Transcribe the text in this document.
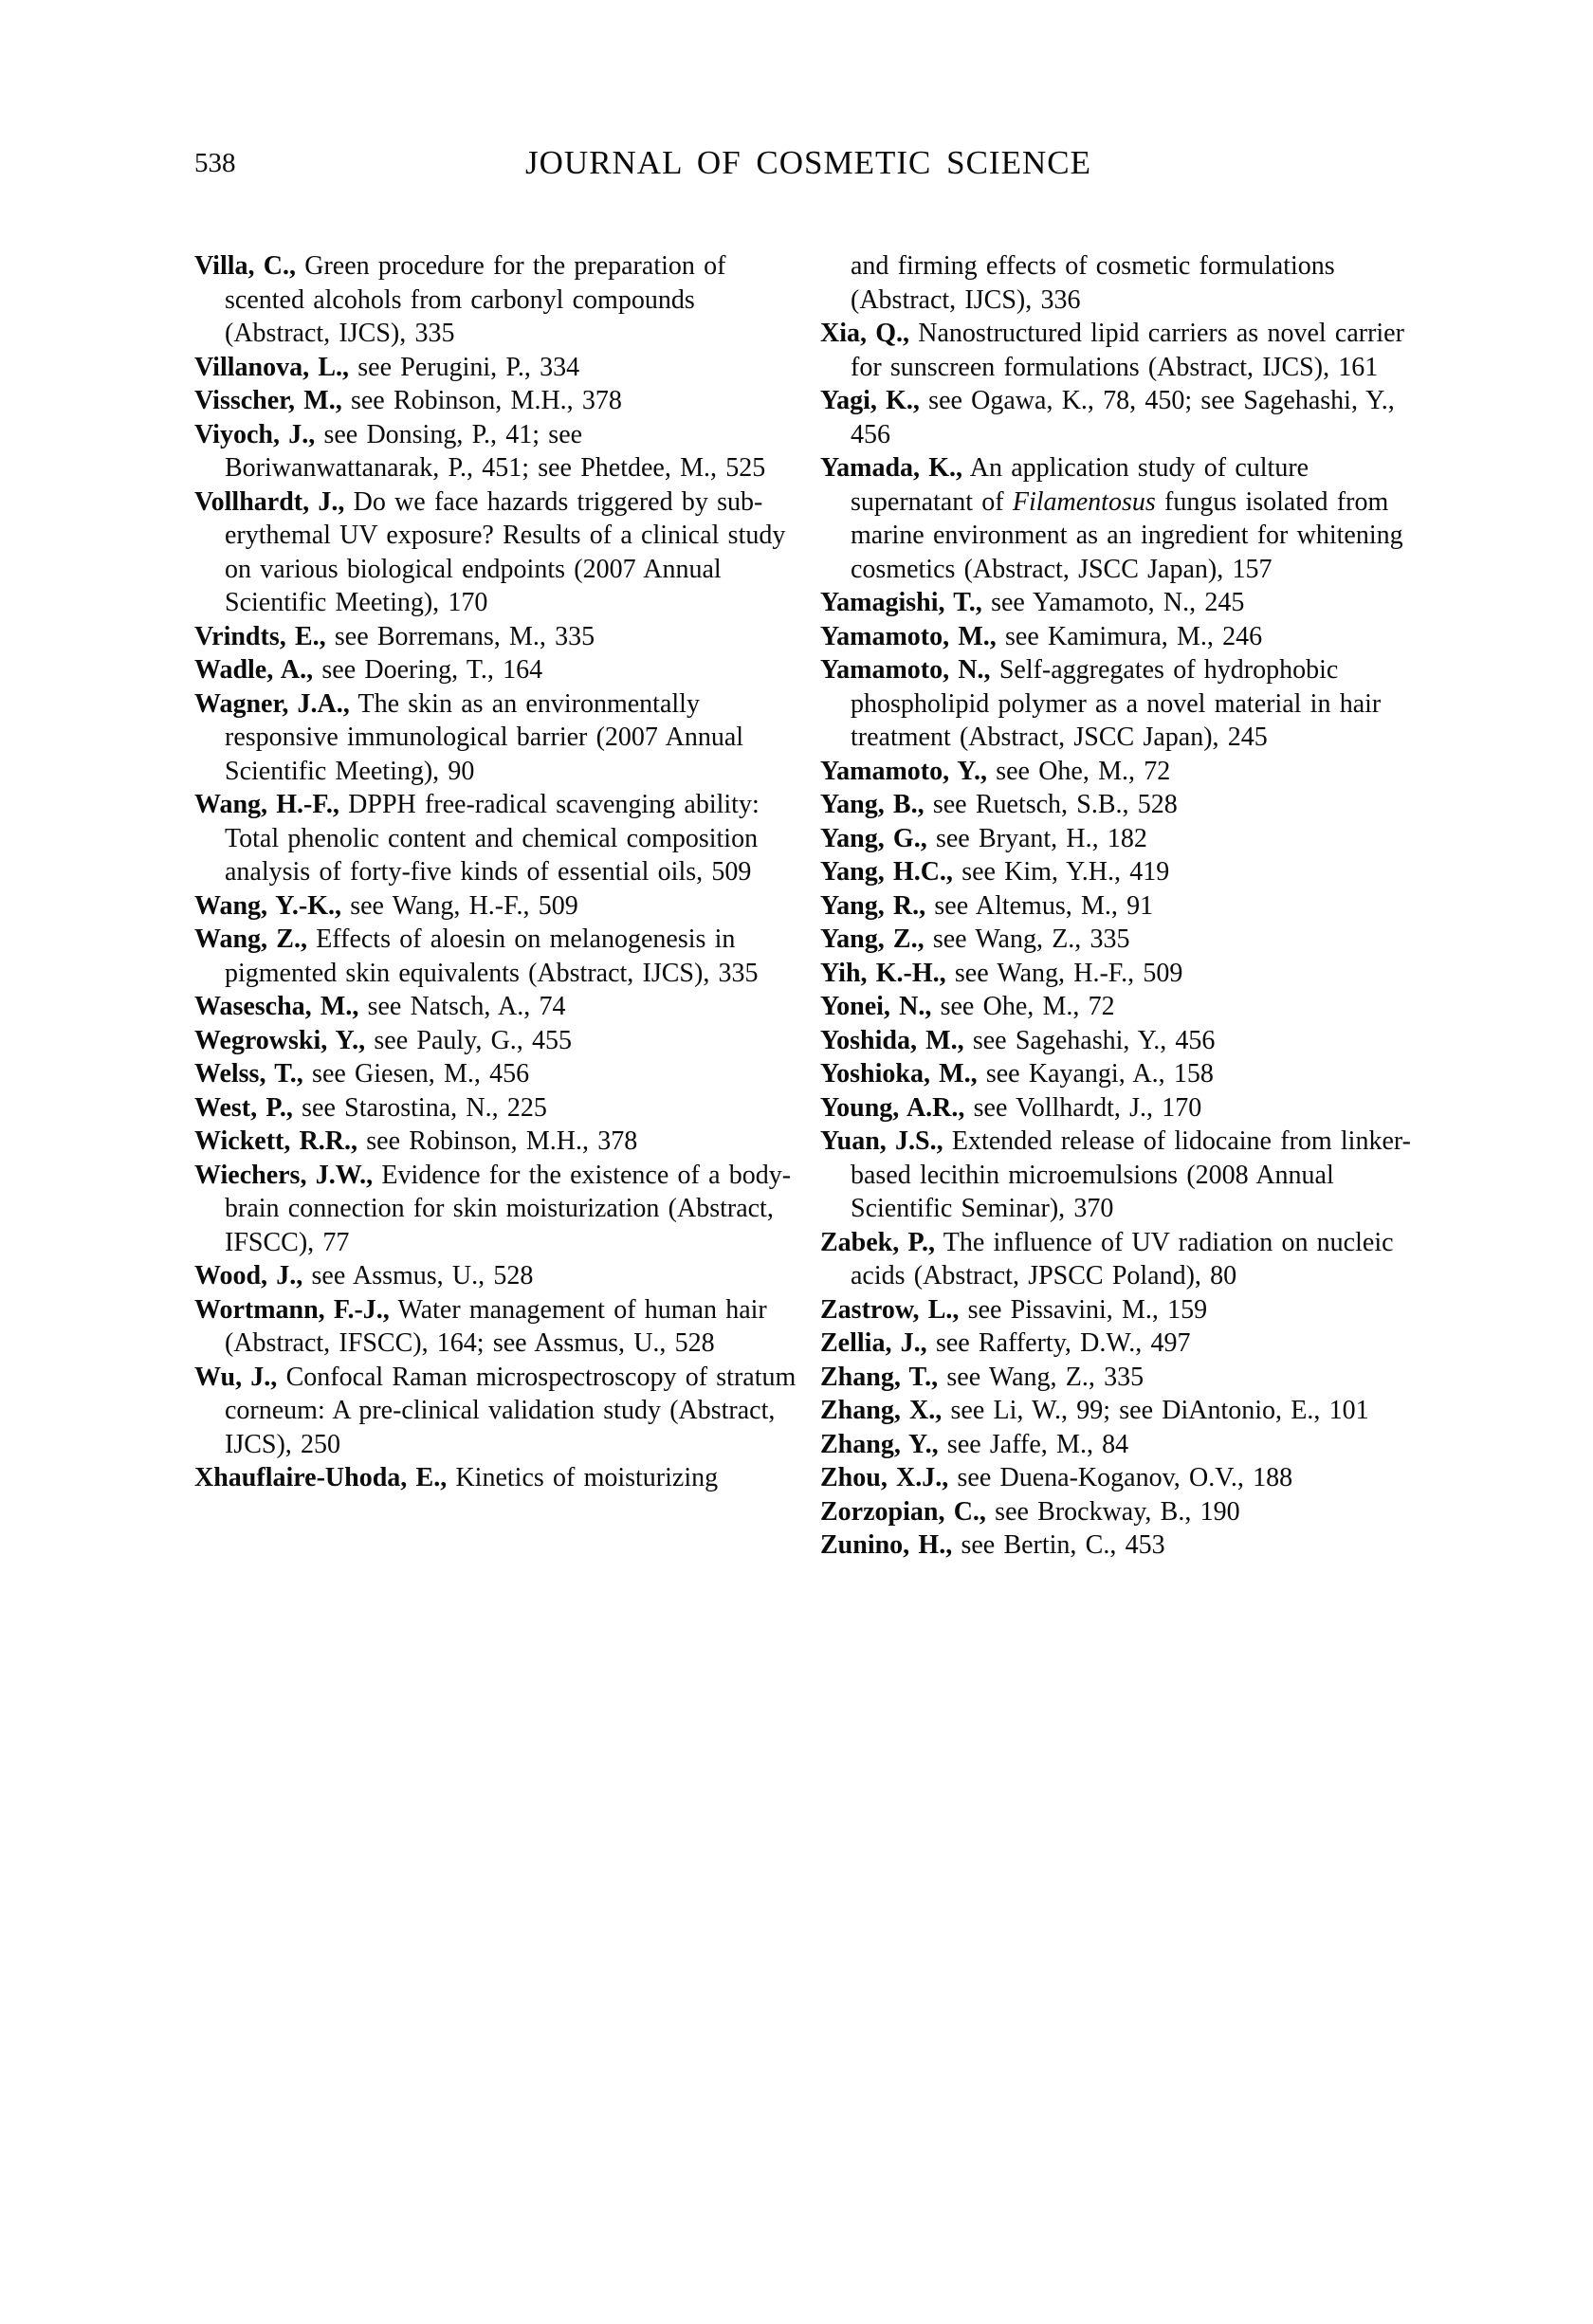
538	JOURNAL OF COSMETIC SCIENCE

Villa, C., Green procedure for the preparation of scented alcohols from carbonyl compounds (Abstract, IJCS), 335

Villanova, L., see Perugini, P., 334

Visscher, M., see Robinson, M.H., 378

Viyoch, J., see Donsing, P., 41; see Boriwanwattanarak, P., 451; see Phetdee, M., 525

Vollhardt, J., Do we face hazards triggered by sub-erythemal UV exposure? Results of a clinical study on various biological endpoints (2007 Annual Scientific Meeting), 170

Vrindts, E., see Borremans, M., 335

Wadle, A., see Doering, T., 164

Wagner, J.A., The skin as an environmentally responsive immunological barrier (2007 Annual Scientific Meeting), 90

Wang, H.-F., DPPH free-radical scavenging ability: Total phenolic content and chemical composition analysis of forty-five kinds of essential oils, 509

Wang, Y.-K., see Wang, H.-F., 509

Wang, Z., Effects of aloesin on melanogenesis in pigmented skin equivalents (Abstract, IJCS), 335

Wasescha, M., see Natsch, A., 74

Wegrowski, Y., see Pauly, G., 455

Welss, T., see Giesen, M., 456

West, P., see Starostina, N., 225

Wickett, R.R., see Robinson, M.H., 378

Wiechers, J.W., Evidence for the existence of a body-brain connection for skin moisturization (Abstract, IFSCC), 77

Wood, J., see Assmus, U., 528

Wortmann, F.-J., Water management of human hair (Abstract, IFSCC), 164; see Assmus, U., 528

Wu, J., Confocal Raman microspectroscopy of stratum corneum: A pre-clinical validation study (Abstract, IJCS), 250

Xhauflaire-Uhoda, E., Kinetics of moisturizing

and firming effects of cosmetic formulations (Abstract, IJCS), 336

Xia, Q., Nanostructured lipid carriers as novel carrier for sunscreen formulations (Abstract, IJCS), 161

Yagi, K., see Ogawa, K., 78, 450; see Sagehashi, Y., 456

Yamada, K., An application study of culture supernatant of Filamentosus fungus isolated from marine environment as an ingredient for whitening cosmetics (Abstract, JSCC Japan), 157

Yamagishi, T., see Yamamoto, N., 245

Yamamoto, M., see Kamimura, M., 246

Yamamoto, N., Self-aggregates of hydrophobic phospholipid polymer as a novel material in hair treatment (Abstract, JSCC Japan), 245

Yamamoto, Y., see Ohe, M., 72

Yang, B., see Ruetsch, S.B., 528

Yang, G., see Bryant, H., 182

Yang, H.C., see Kim, Y.H., 419

Yang, R., see Altemus, M., 91

Yang, Z., see Wang, Z., 335

Yih, K.-H., see Wang, H.-F., 509

Yonei, N., see Ohe, M., 72

Yoshida, M., see Sagehashi, Y., 456

Yoshioka, M., see Kayangi, A., 158

Young, A.R., see Vollhardt, J., 170

Yuan, J.S., Extended release of lidocaine from linker-based lecithin microemulsions (2008 Annual Scientific Seminar), 370

Zabek, P., The influence of UV radiation on nucleic acids (Abstract, JPSCC Poland), 80

Zastrow, L., see Pissavini, M., 159

Zellia, J., see Rafferty, D.W., 497

Zhang, T., see Wang, Z., 335

Zhang, X., see Li, W., 99; see DiAntonio, E., 101

Zhang, Y., see Jaffe, M., 84

Zhou, X.J., see Duena-Koganov, O.V., 188

Zorzopian, C., see Brockway, B., 190

Zunino, H., see Bertin, C., 453
